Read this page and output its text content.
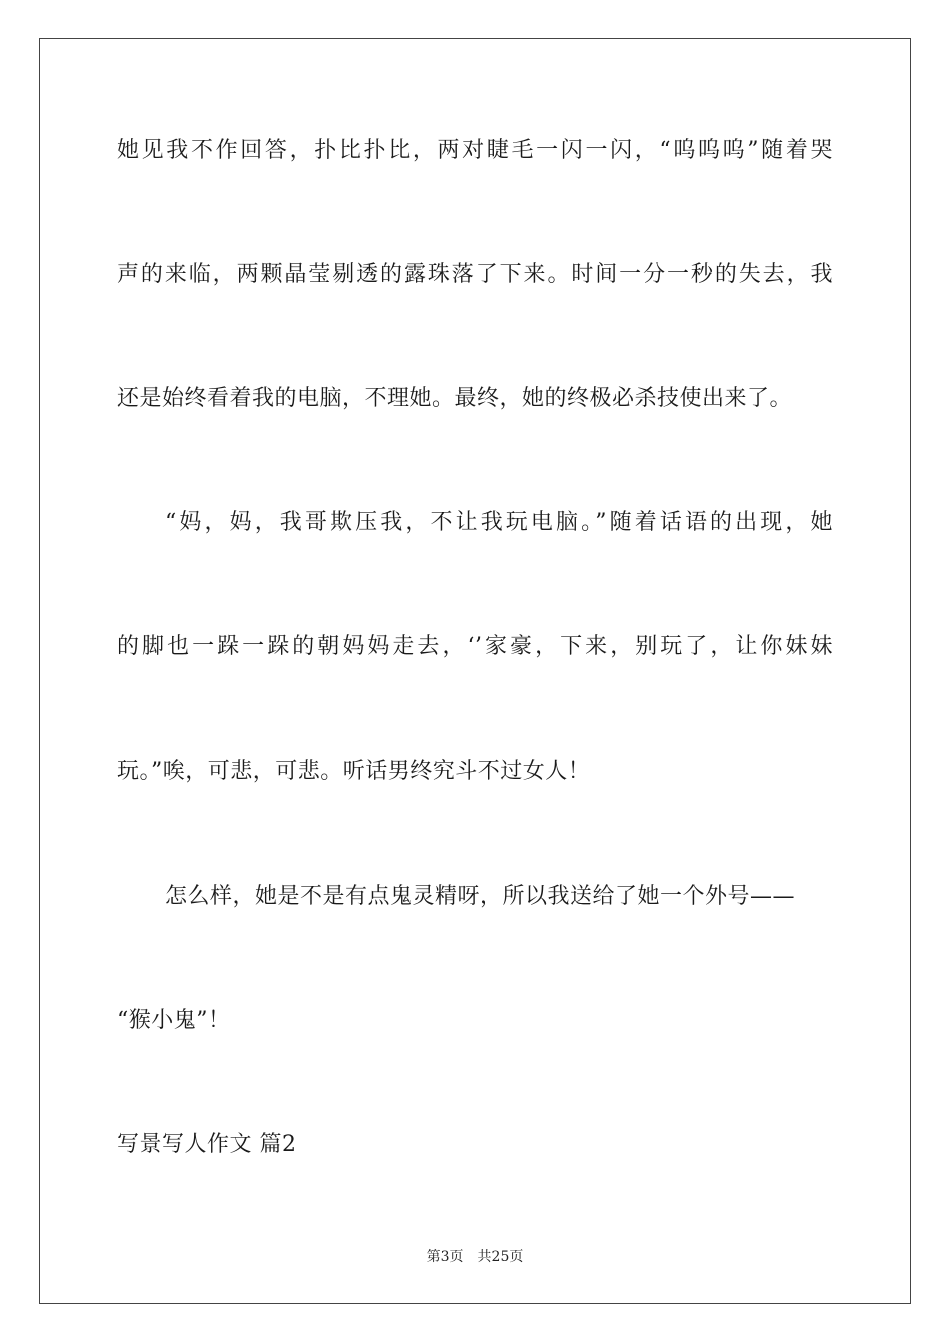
她见我不作回答，扑比扑比，两对睫毛一闪一闪，“呜呜呜”随着哭
声的来临，两颗晶莹剔透的露珠落了下来。时间一分一秒的失去，我
还是始终看着我的电脑，不理她。最终，她的终极必杀技使出来了。
“妈，妈，我哥欺压我，不让我玩电脑。”随着话语的出现，她
的脚也一跺一跺的朝妈妈走去，‘’家豪，下来，别玩了，让你妹妹
玩。”唉，可悲，可悲。听话男终究斗不过女人！
怎么样，她是不是有点鬼灵精呀，所以我送给了她一个外号——
“猴小鬼”！
写景写人作文 篇2
第3页 共25页
